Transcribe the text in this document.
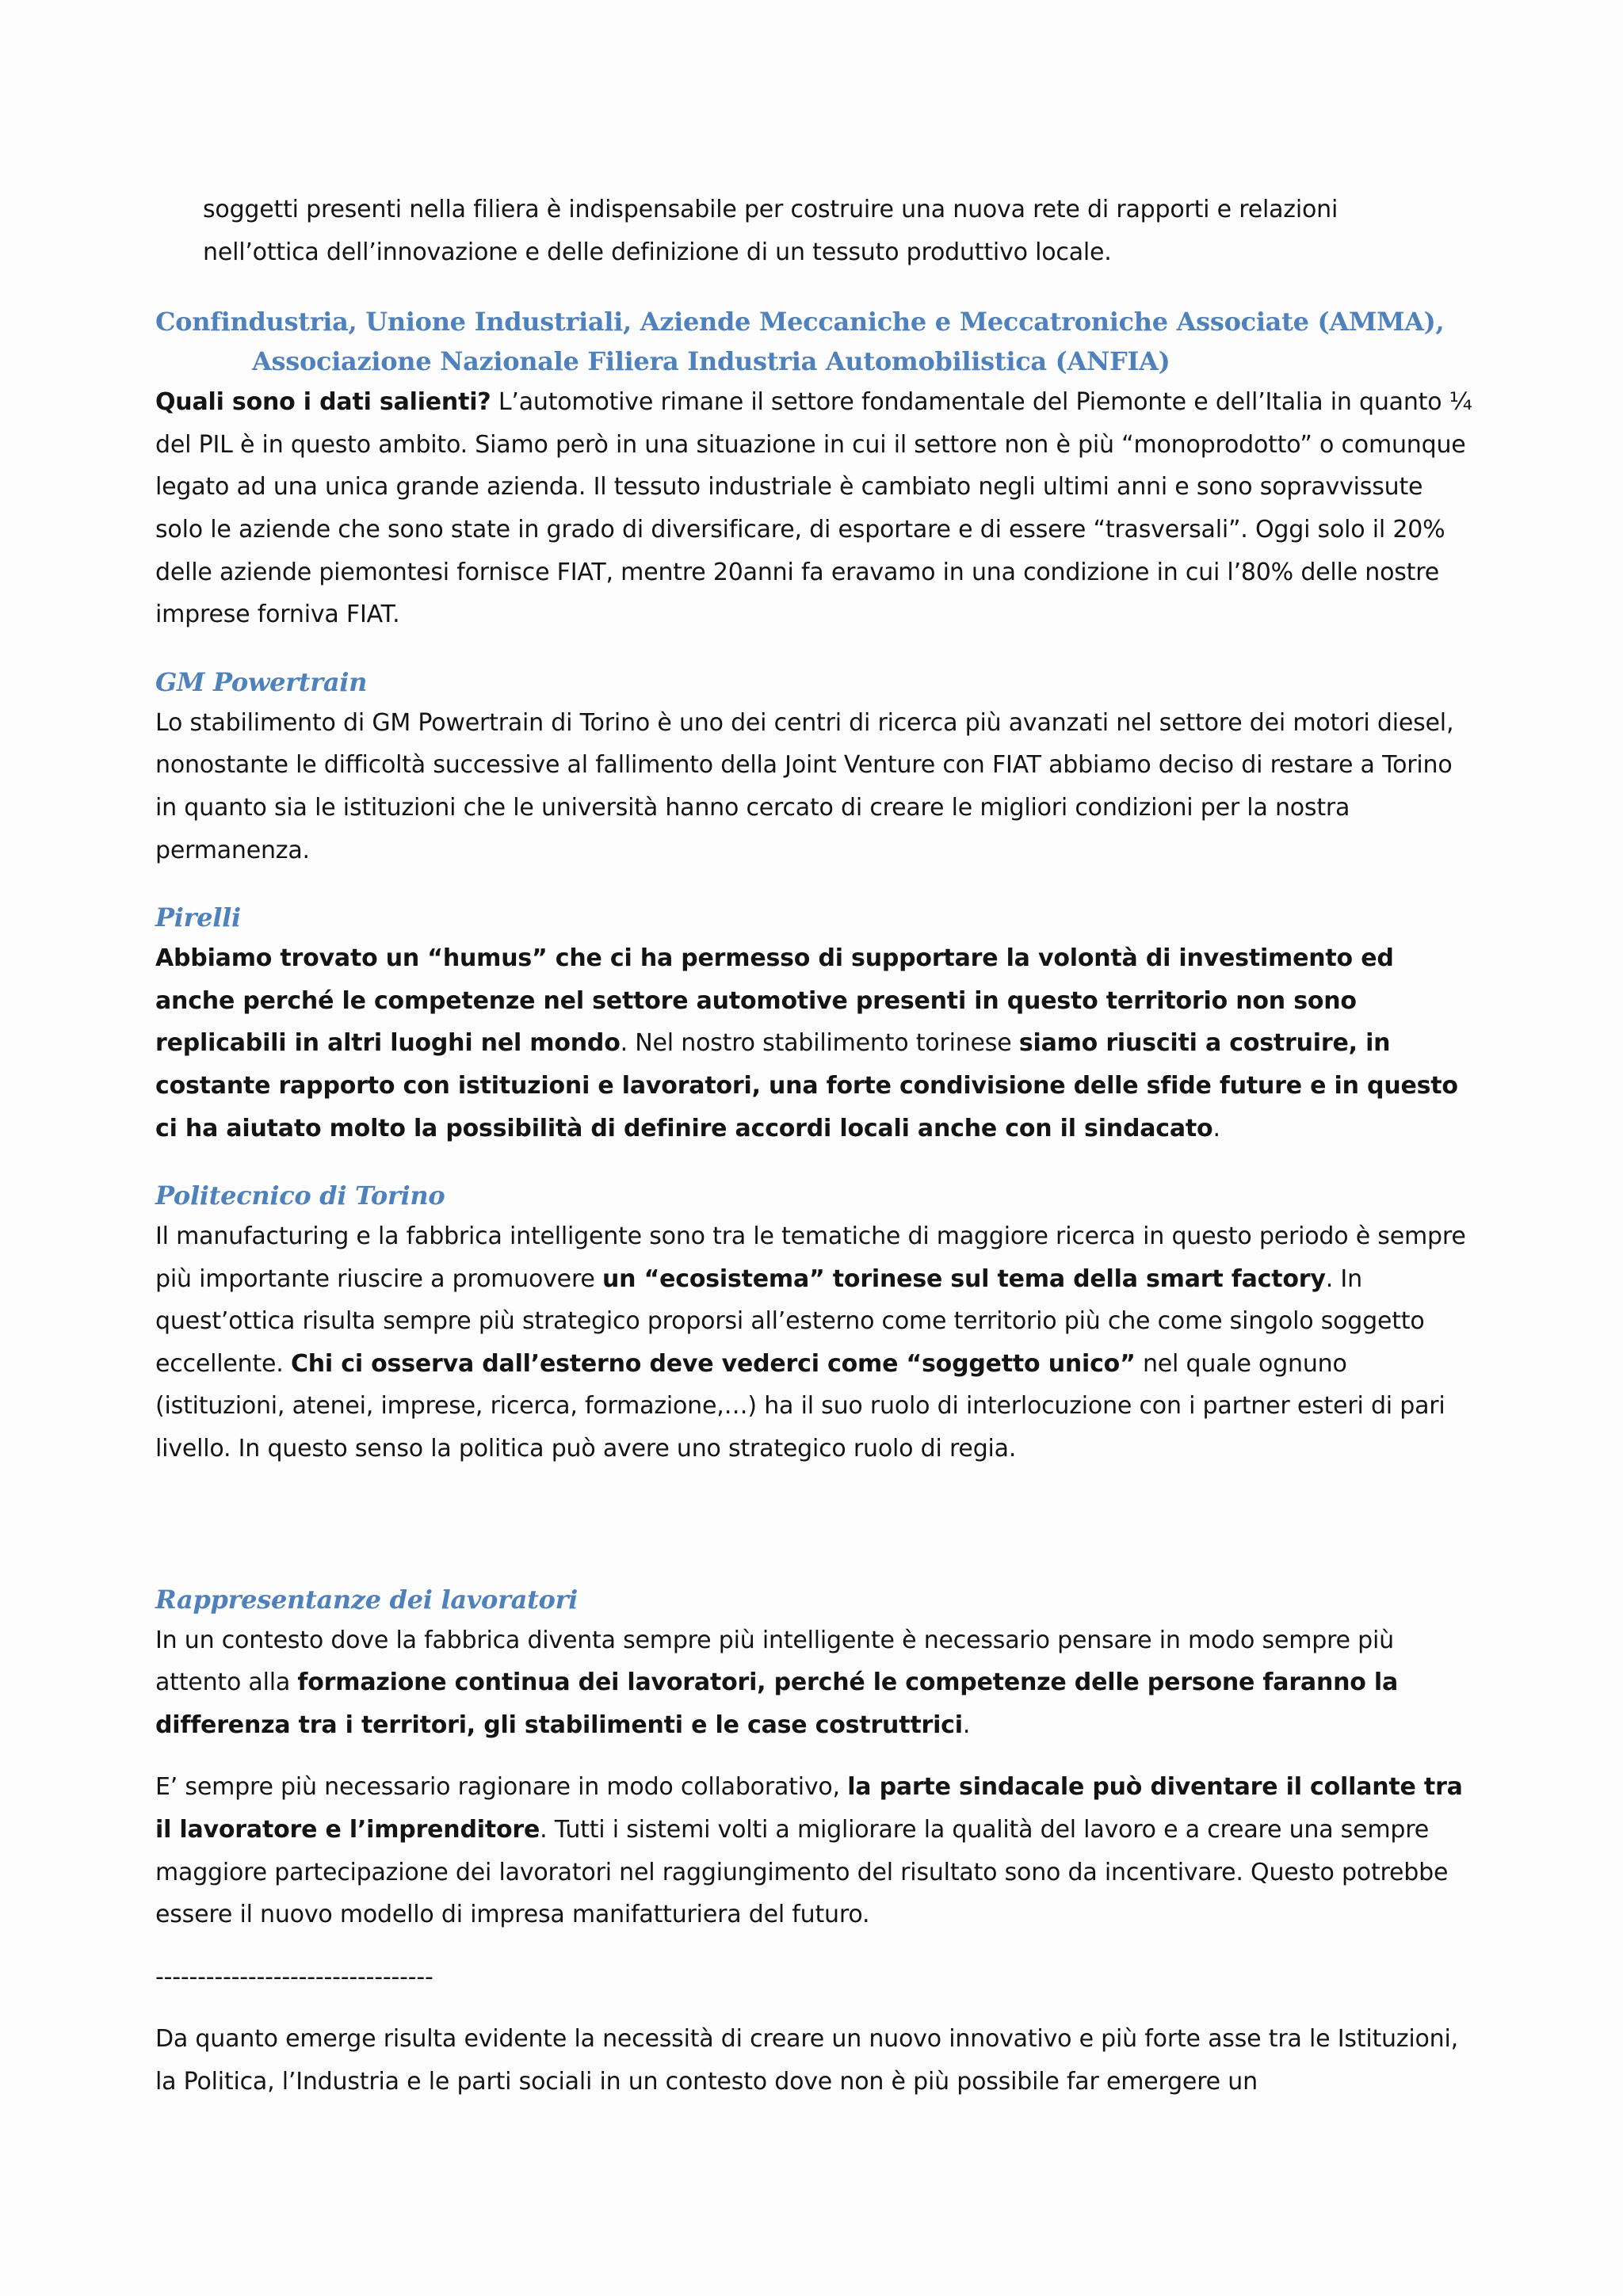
soggetti presenti nella filiera è indispensabile per costruire una nuova rete di rapporti e relazioni
nell’ottica dell’innovazione e delle definizione di un tessuto produttivo locale.

Confindustria, Unione Industriali, Aziende Meccaniche e Meccatroniche Associate (AMMA),
Associazione Nazionale Filiera Industria Automobilistica (ANFIA)

Quali sono i dati salienti? L’automotive rimane il settore fondamentale del Piemonte e dell’Italia in quanto ¼ del PIL è in questo ambito. Siamo però in una situazione in cui il settore non è più “monoprodotto” o comunque legato ad una unica grande azienda. Il tessuto industriale è cambiato negli ultimi anni e sono sopravvissute solo le aziende che sono state in grado di diversificare, di esportare e di essere “trasversali”. Oggi solo il 20% delle aziende piemontesi fornisce FIAT, mentre 20anni fa eravamo in una condizione in cui l’80% delle nostre imprese forniva FIAT.

GM Powertrain

Lo stabilimento di GM Powertrain di Torino è uno dei centri di ricerca più avanzati nel settore dei motori diesel, nonostante le difficoltà successive al fallimento della Joint Venture con FIAT abbiamo deciso di restare a Torino in quanto sia le istituzioni che le università hanno cercato di creare le migliori condizioni per la nostra permanenza.

Pirelli

Abbiamo trovato un “humus” che ci ha permesso di supportare la volontà di investimento ed anche perché le competenze nel settore automotive presenti in questo territorio non sono replicabili in altri luoghi nel mondo. Nel nostro stabilimento torinese siamo riusciti a costruire, in costante rapporto con istituzioni e lavoratori, una forte condivisione delle sfide future e in questo ci ha aiutato molto la possibilità di definire accordi locali anche con il sindacato.

Politecnico di Torino

Il manufacturing e la fabbrica intelligente sono tra le tematiche di maggiore ricerca in questo periodo è sempre più importante riuscire a promuovere un “ecosistema” torinese sul tema della smart factory. In quest’ottica risulta sempre più strategico proporsi all’esterno come territorio più che come singolo soggetto eccellente. Chi ci osserva dall’esterno deve vederci come “soggetto unico” nel quale ognuno (istituzioni, atenei, imprese, ricerca, formazione,…) ha il suo ruolo di interlocuzione con i partner esteri di pari livello. In questo senso la politica può avere uno strategico ruolo di regia.

Rappresentanze dei lavoratori

In un contesto dove la fabbrica diventa sempre più intelligente è necessario pensare in modo sempre più attento alla formazione continua dei lavoratori, perché le competenze delle persone faranno la differenza tra i territori, gli stabilimenti e le case costruttrici.

E’ sempre più necessario ragionare in modo collaborativo, la parte sindacale può diventare il collante tra il lavoratore e l’imprenditore. Tutti i sistemi volti a migliorare la qualità del lavoro e a creare una sempre maggiore partecipazione dei lavoratori nel raggiungimento del risultato sono da incentivare. Questo potrebbe essere il nuovo modello di impresa manifatturiera del futuro.

---------------------------------

Da quanto emerge risulta evidente la necessità di creare un nuovo innovativo e più forte asse tra le Istituzioni, la Politica, l’Industria e le parti sociali in un contesto dove non è più possibile far emergere un
